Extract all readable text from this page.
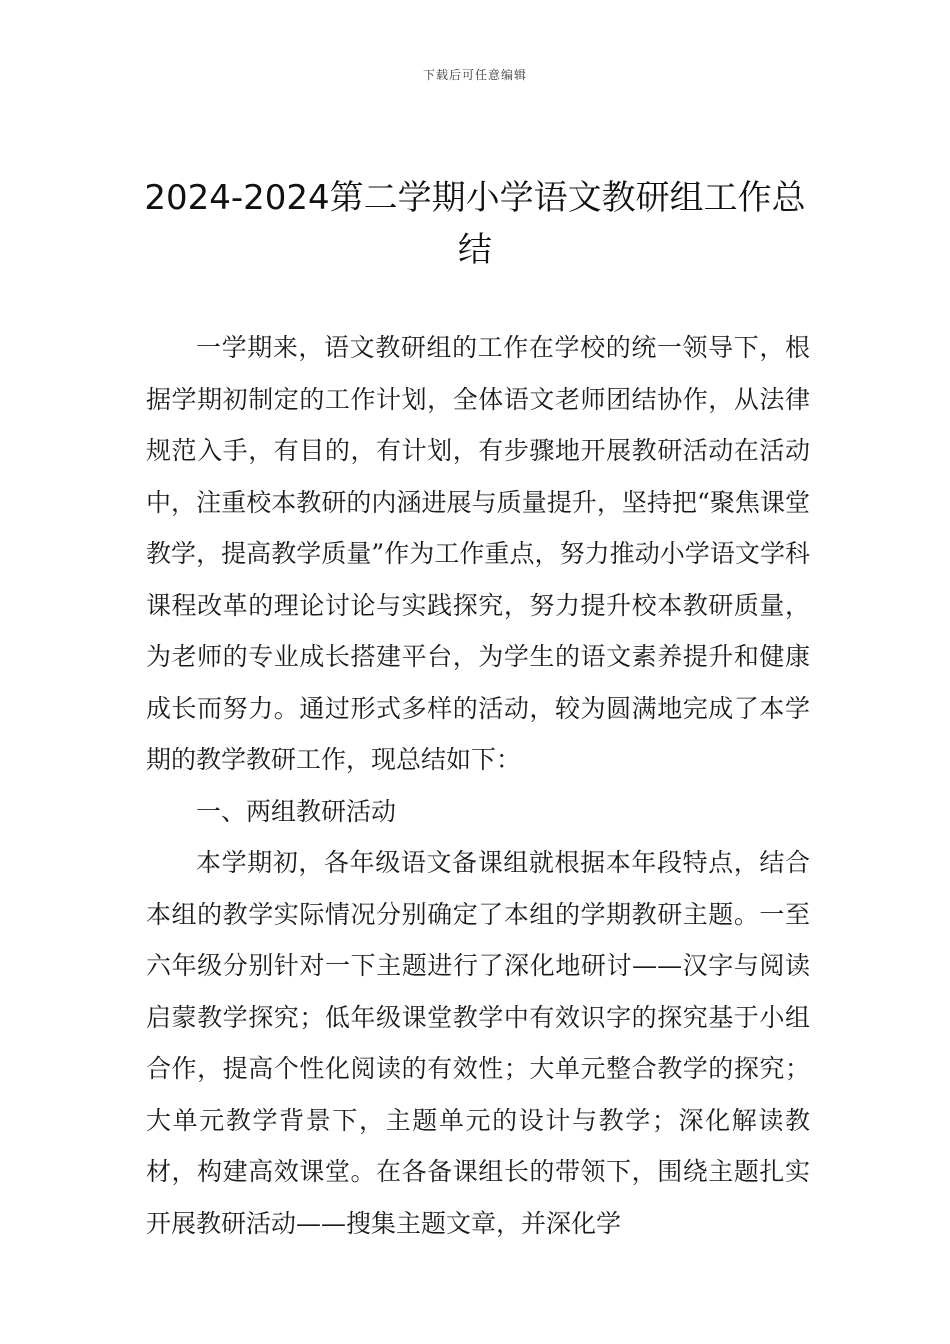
下载后可任意编辑
2024-2024第二学期小学语文教研组工作总结

一学期来，语文教研组的工作在学校的统一领导下，根据学期初制定的工作计划，全体语文老师团结协作，从法律规范入手，有目的，有计划，有步骤地开展教研活动在活动中，注重校本教研的内涵进展与质量提升，坚持把“聚焦课堂教学，提高教学质量”作为工作重点，努力推动小学语文学科课程改革的理论讨论与实践探究，努力提升校本教研质量，为老师的专业成长搭建平台，为学生的语文素养提升和健康成长而努力。通过形式多样的活动，较为圆满地完成了本学期的教学教研工作，现总结如下：

一、两组教研活动

本学期初，各年级语文备课组就根据本年段特点，结合本组的教学实际情况分别确定了本组的学期教研主题。一至六年级分别针对一下主题进行了深化地研讨——汉字与阅读启蒙教学探究；低年级课堂教学中有效识字的探究基于小组合作，提高个性化阅读的有效性；大单元整合教学的探究；大单元教学背景下，主题单元的设计与教学；深化解读教材，构建高效课堂。在各备课组长的带领下，围绕主题扎实开展教研活动——搜集主题文章，并深化学
